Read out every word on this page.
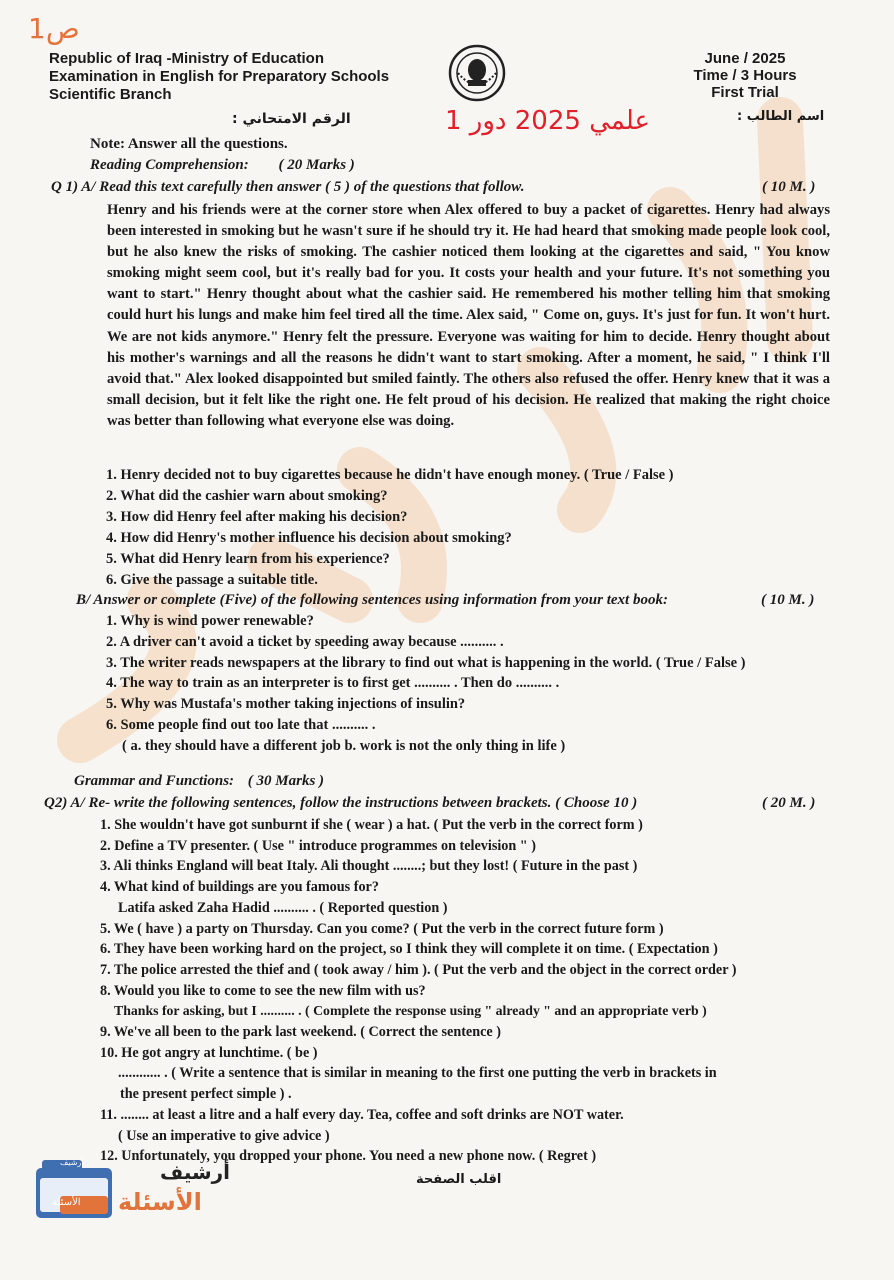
ص1
Republic of Iraq -Ministry of Education
Examination in English for Preparatory Schools
Scientific Branch
June / 2025
Time / 3 Hours
First Trial
الرقم الامتحاني :	علمي 2025 دور 1	اسم الطالب :
Note: Answer all the questions.
Reading Comprehension: ( 20 Marks )
Q 1) A/ Read this text carefully then answer ( 5 ) of the questions that follow.	( 10 M. )
Henry and his friends were at the corner store when Alex offered to buy a packet of cigarettes. Henry had always been interested in smoking but he wasn't sure if he should try it. He had heard that smoking made people look cool, but he also knew the risks of smoking. The cashier noticed them looking at the cigarettes and said, " You know smoking might seem cool, but it's really bad for you. It costs your health and your future. It's not something you want to start." Henry thought about what the cashier said. He remembered his mother telling him that smoking could hurt his lungs and make him feel tired all the time. Alex said, " Come on, guys. It's just for fun. It won't hurt. We are not kids anymore." Henry felt the pressure. Everyone was waiting for him to decide. Henry thought about his mother's warnings and all the reasons he didn't want to start smoking. After a moment, he said, " I think I'll avoid that." Alex looked disappointed but smiled faintly. The others also refused the offer. Henry knew that it was a small decision, but it felt like the right one. He felt proud of his decision. He realized that making the right choice was better than following what everyone else was doing.
1. Henry decided not to buy cigarettes because he didn't have enough money. ( True / False )
2. What did the cashier warn about smoking?
3. How did Henry feel after making his decision?
4. How did Henry's mother influence his decision about smoking?
5. What did Henry learn from his experience?
6. Give the passage a suitable title.
B/ Answer or complete (Five) of the following sentences using information from your text book:	( 10 M. )
1. Why is wind power renewable?
2. A driver can't avoid a ticket by speeding away because .......... .
3. The writer reads newspapers at the library to find out what is happening in the world. ( True / False )
4. The way to train as an interpreter is to first get .......... . Then do .......... .
5. Why was Mustafa's mother taking injections of insulin?
6. Some people find out too late that .......... .
( a. they should have a different job b. work is not the only thing in life )
Grammar and Functions: ( 30 Marks )
Q2) A/ Re- write the following sentences, follow the instructions between brackets. ( Choose 10 )	( 20 M. )
1. She wouldn't have got sunburnt if she ( wear ) a hat. ( Put the verb in the correct form )
2. Define a TV presenter. ( Use " introduce programmes on television " )
3. Ali thinks England will beat Italy. Ali thought ........; but they lost! ( Future in the past )
4. What kind of buildings are you famous for?
Latifa asked Zaha Hadid .......... . ( Reported question )
5. We ( have ) a party on Thursday. Can you come? ( Put the verb in the correct future form )
6. They have been working hard on the project, so I think they will complete it on time. ( Expectation )
7. The police arrested the thief and ( took away / him ). ( Put the verb and the object in the correct order )
8. Would you like to come to see the new film with us?
Thanks for asking, but I .......... . ( Complete the response using " already " and an appropriate verb )
9. We've all been to the park last weekend. ( Correct the sentence )
10. He got angry at lunchtime. ( be )
............ . ( Write a sentence that is similar in meaning to the first one putting the verb in brackets in
the present perfect simple ) .
11. ........ at least a litre and a half every day. Tea, coffee and soft drinks are NOT water.
( Use an imperative to give advice )
12. Unfortunately, you dropped your phone. You need a new phone now. ( Regret )
اقلب الصفحة
أرشيف
الأسئلة
أرشيف
الأسئلة
